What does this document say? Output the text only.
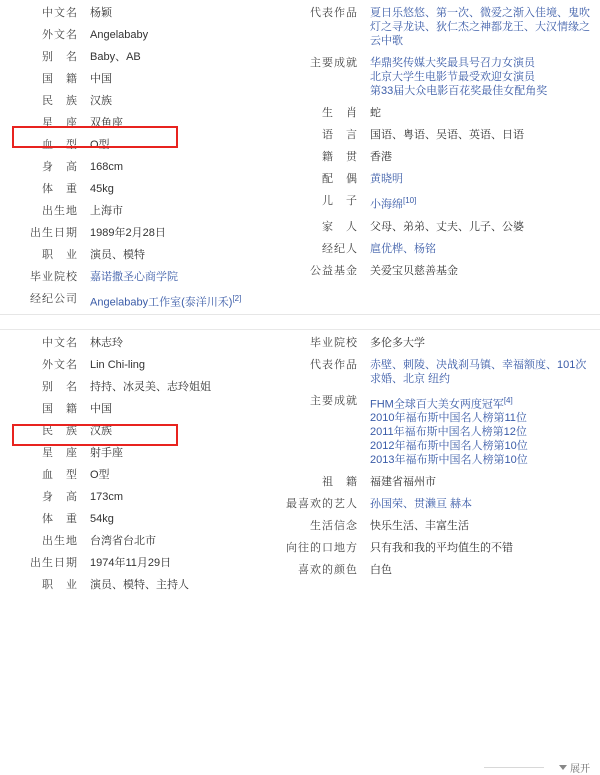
中文名	杨颖
外文名	Angelababy
别　名	Baby、AB
国　籍	中国
民　族	汉族
星　座	双鱼座
血　型	O型
身　高	168cm
体　重	45kg
出生地	上海市
出生日期	1989年2月28日
职　业	演员、模特
毕业院校	嘉诺撒圣心商学院
经纪公司	Angelababy工作室(泰洋川禾)[2]
代表作品	夏日乐悠悠、第一次、微爱之渐入佳境、鬼吹灯之寻龙诀、狄仁杰之神都龙王、大汉情缘之云中歌
主要成就	华鼎奖传媒大奖最具号召力女演员
北京大学生电影节最受欢迎女演员
第33届大众电影百花奖最佳女配角奖
生　肖	蛇
语　言	国语、粤语、吴语、英语、日语
籍　贯	香港
配　偶	黄晓明
儿　子	小海绵[10]
家　人	父母、弟弟、丈夫、儿子、公婆
经纪人	扈优桦、杨铭
公益基金	关爱宝贝慈善基金
中文名	林志玲
外文名	Lin Chi-ling
别　名	持持、冰灵美、志玲姐姐
国　籍	中国
民　族	汉族
星　座	射手座
血　型	O型
身　高	173cm
体　重	54kg
出生地	台湾省台北市
出生日期	1974年11月29日
职　业	演员、模特、主持人
毕业院校	多伦多大学
代表作品	赤壁、刺陵、决战刹马镇、幸福额度、101次求婚、北京 纽约
主要成就	FHM全球百大美女两度冠军[4]
2010年福布斯中国名人榜第11位
2011年福布斯中国名人榜第12位
2012年福布斯中国名人榜第10位
2013年福布斯中国名人榜第10位
祖　籍	福建省福州市
最喜欢的艺人	孙国荣、贯濑亘 赫本
生活信念	快乐生活、丰富生活
向往的口地方	只有我和我的平均值生的不错
喜欢的颜色	白色
展开
